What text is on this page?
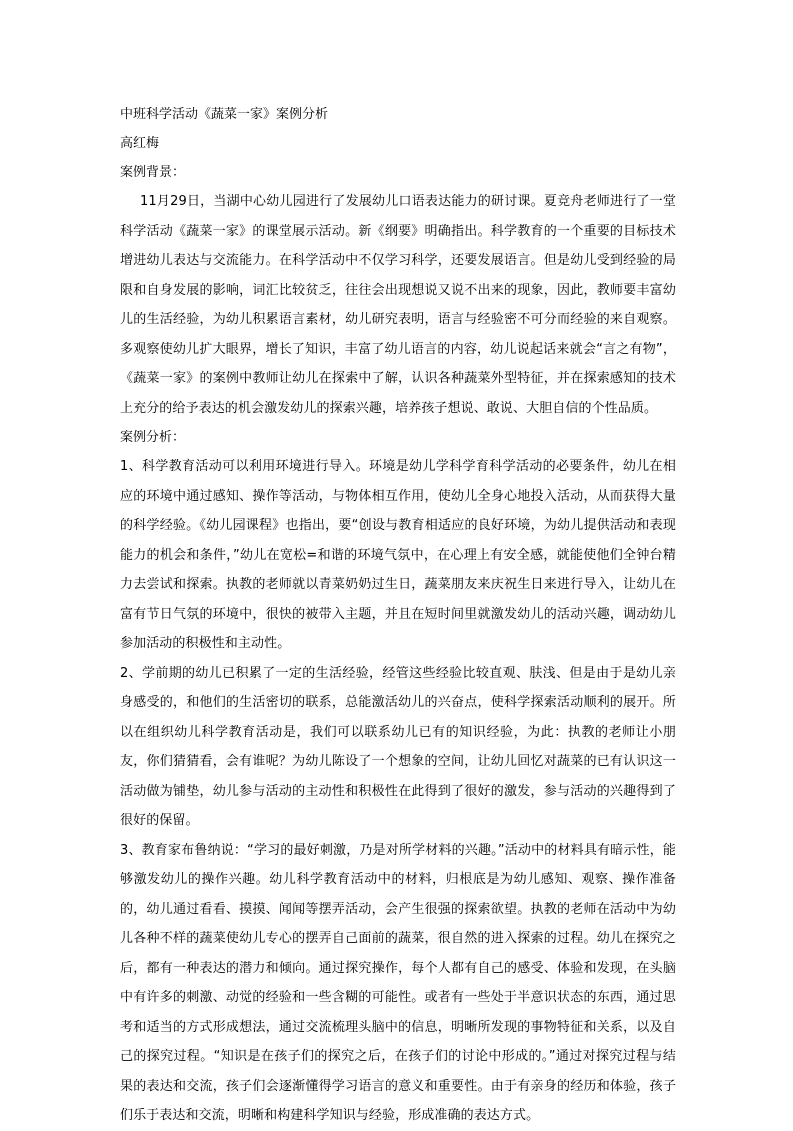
中班科学活动《蔬菜一家》案例分析
高红梅
案例背景：
11月29日，当湖中心幼儿园进行了发展幼儿口语表达能力的研讨课。夏竞舟老师进行了一堂科学活动《蔬菜一家》的课堂展示活动。新《纲要》明确指出。科学教育的一个重要的目标技术增进幼儿表达与交流能力。在科学活动中不仅学习科学，还要发展语言。但是幼儿受到经验的局限和自身发展的影响，词汇比较贫乏，往往会出现想说又说不出来的现象，因此，教师要丰富幼儿的生活经验，为幼儿积累语言素材，幼儿研究表明，语言与经验密不可分而经验的来自观察。多观察使幼儿扩大眼界，增长了知识，丰富了幼儿语言的内容，幼儿说起话来就会“言之有物”，《蔬菜一家》的案例中教师让幼儿在探索中了解，认识各种蔬菜外型特征，并在探索感知的技术上充分的给予表达的机会激发幼儿的探索兴趣，培养孩子想说、敢说、大胆自信的个性品质。
案例分析：
1、科学教育活动可以利用环境进行导入。环境是幼儿学科学育科学活动的必要条件，幼儿在相应的环境中通过感知、操作等活动，与物体相互作用，使幼儿全身心地投入活动，从而获得大量的科学经验。《幼儿园课程》也指出，要“创设与教育相适应的良好环境，为幼儿提供活动和表现能力的机会和条件，”幼儿在宽松=和谐的环境气氛中，在心理上有安全感，就能使他们全钟台精力去尝试和探索。执教的老师就以青菜奶奶过生日，蔬菜朋友来庆祝生日来进行导入，让幼儿在富有节日气氛的环境中，很快的被带入主题，并且在短时间里就激发幼儿的活动兴趣，调动幼儿参加活动的积极性和主动性。
2、学前期的幼儿已积累了一定的生活经验，经管这些经验比较直观、肤浅、但是由于是幼儿亲身感受的，和他们的生活密切的联系，总能激活幼儿的兴奋点，使科学探索活动顺利的展开。所以在组织幼儿科学教育活动是，我们可以联系幼儿已有的知识经验，为此：执教的老师让小朋友，你们猜猜看，会有谁呢？为幼儿陈设了一个想象的空间，让幼儿回忆对蔬菜的已有认识这一活动做为铺垫，幼儿参与活动的主动性和积极性在此得到了很好的激发，参与活动的兴趣得到了很好的保留。
3、教育家布鲁纳说：“学习的最好刺激，乃是对所学材料的兴趣。”活动中的材料具有暗示性，能够激发幼儿的操作兴趣。幼儿科学教育活动中的材料，归根底是为幼儿感知、观察、操作准备的，幼儿通过看看、摸摸、闻闻等摆弄活动，会产生很强的探索欲望。执教的老师在活动中为幼儿各种不样的蔬菜使幼儿专心的摆弄自己面前的蔬菜，很自然的进入探索的过程。幼儿在探究之后，都有一种表达的潜力和倾向。通过探究操作，每个人都有自己的感受、体验和发现，在头脑中有许多的刺激、动觉的经验和一些含糊的可能性。或者有一些处于半意识状态的东西，通过思考和适当的方式形成想法，通过交流梳理头脑中的信息，明晰所发现的事物特征和关系，以及自己的探究过程。“知识是在孩子们的探究之后，在孩子们的讨论中形成的。”通过对探究过程与结果的表达和交流，孩子们会逐渐懂得学习语言的意义和重要性。由于有亲身的经历和体验，孩子们乐于表达和交流，明晰和构建科学知识与经验，形成准确的表达方式。
